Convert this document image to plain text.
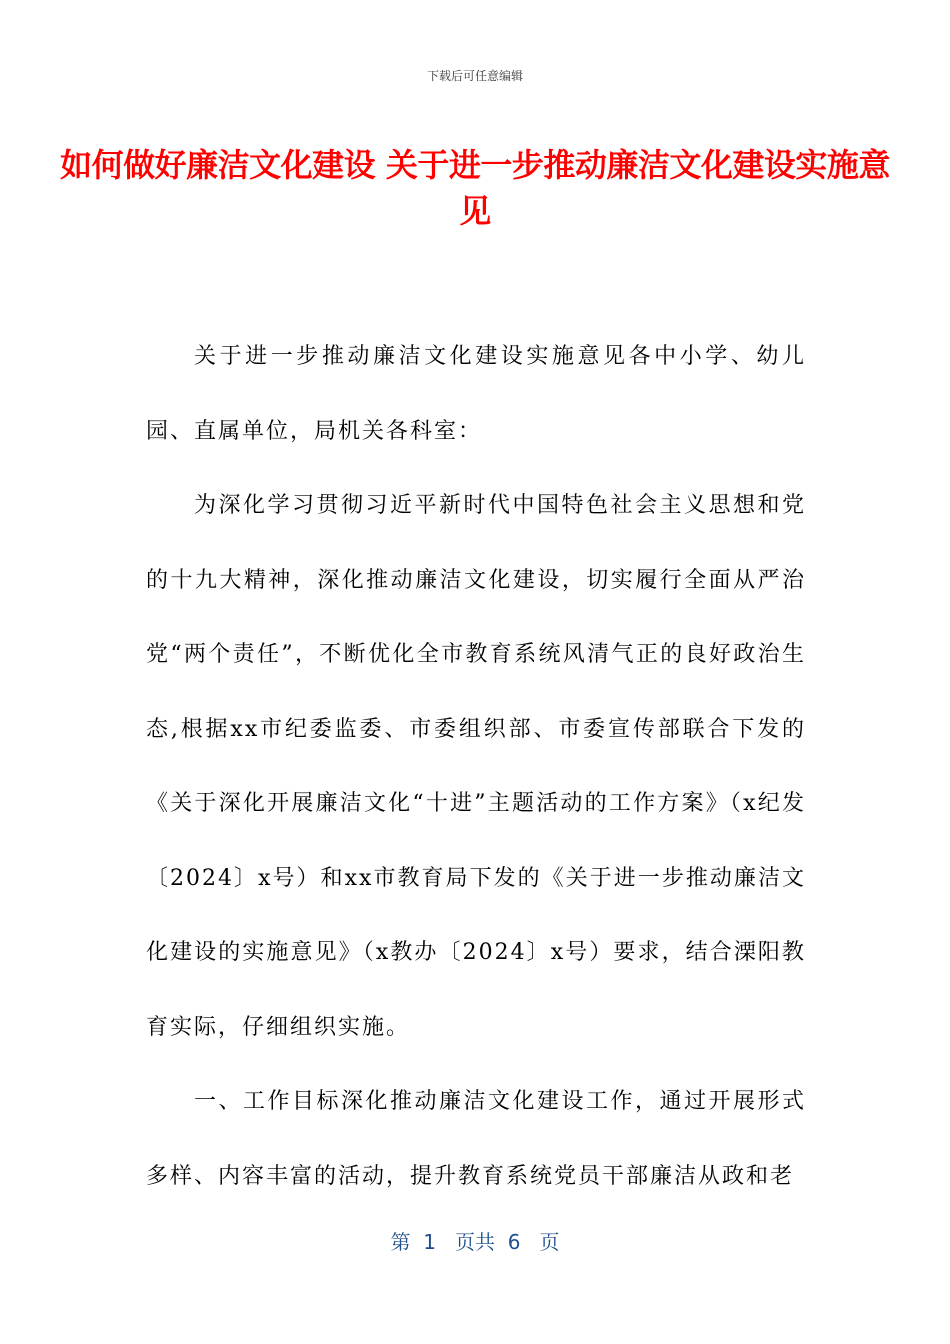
下载后可任意编辑
如何做好廉洁文化建设 关于进一步推动廉洁文化建设实施意见

关于进一步推动廉洁文化建设实施意见各中小学、幼儿园、直属单位，局机关各科室：

为深化学习贯彻习近平新时代中国特色社会主义思想和党的十九大精神，深化推动廉洁文化建设，切实履行全面从严治党“两个责任”，不断优化全市教育系统风清气正的良好政治生态,根据xx市纪委监委、市委组织部、市委宣传部联合下发的《关于深化开展廉洁文化“十进”主题活动的工作方案》（x纪发〔2024〕x号）和xx市教育局下发的《关于进一步推动廉洁文化建设的实施意见》（x教办〔2024〕x号）要求，结合溧阳教育实际，仔细组织实施。

一、工作目标深化推动廉洁文化建设工作，通过开展形式多样、内容丰富的活动，提升教育系统党员干部廉洁从政和老

第  1   页共  6   页
